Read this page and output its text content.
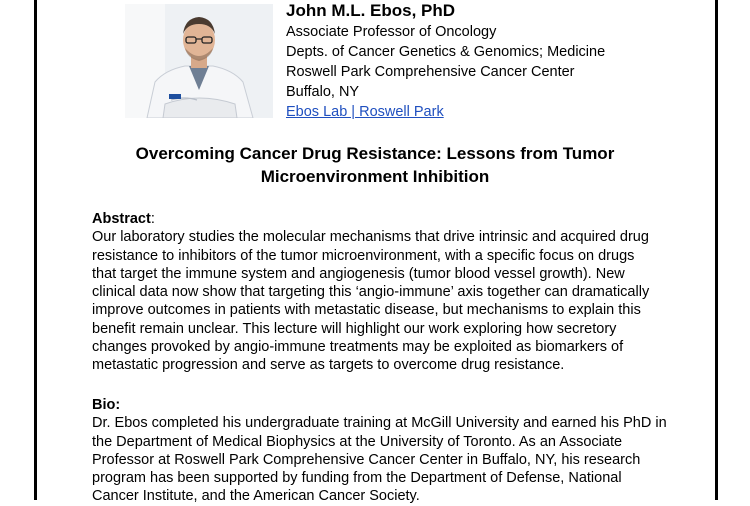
John M.L. Ebos, PhD
Associate Professor of Oncology
Depts. of Cancer Genetics & Genomics; Medicine
Roswell Park Comprehensive Cancer Center
Buffalo, NY
Ebos Lab | Roswell Park
Overcoming Cancer Drug Resistance: Lessons from Tumor
Microenvironment Inhibition
Abstract:
Our laboratory studies the molecular mechanisms that drive intrinsic and acquired drug
resistance to inhibitors of the tumor microenvironment, with a specific focus on drugs
that target the immune system and angiogenesis (tumor blood vessel growth). New
clinical data now show that targeting this ‘angio-immune’ axis together can dramatically
improve outcomes in patients with metastatic disease, but mechanisms to explain this
benefit remain unclear. This lecture will highlight our work exploring how secretory
changes provoked by angio-immune treatments may be exploited as biomarkers of
metastatic progression and serve as targets to overcome drug resistance.
Bio:
Dr. Ebos completed his undergraduate training at McGill University and earned his PhD in
the Department of Medical Biophysics at the University of Toronto. As an Associate
Professor at Roswell Park Comprehensive Cancer Center in Buffalo, NY, his research
program has been supported by funding from the Department of Defense, National
Cancer Institute, and the American Cancer Society.
